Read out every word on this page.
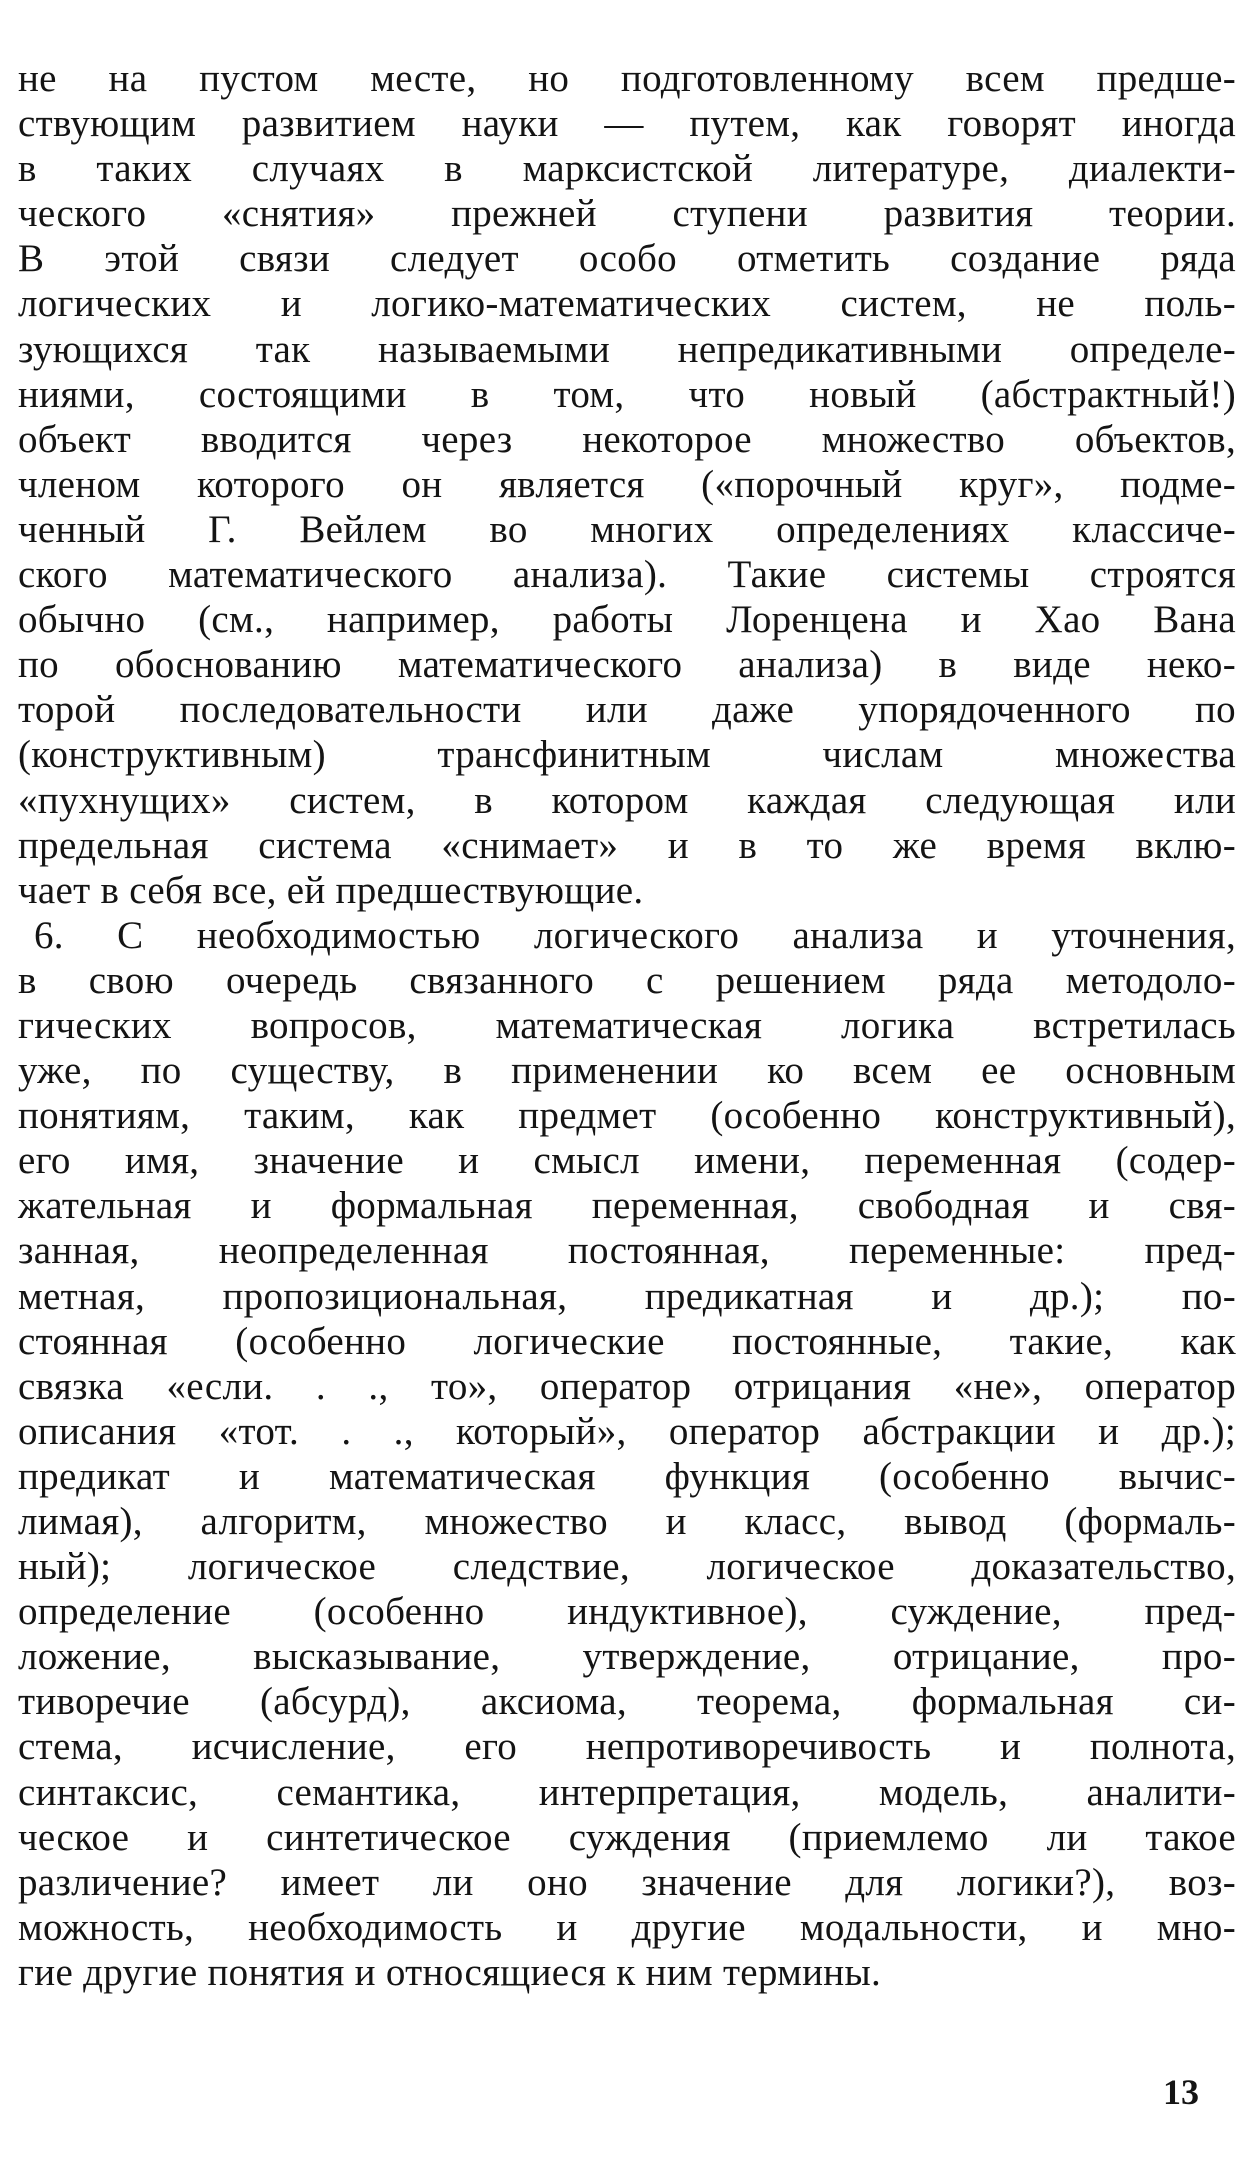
не на пустом месте, но подготовленному всем предше-
ствующим развитием науки — путем, как говорят иногда
в таких случаях в марксистской литературе, диалекти-
ческого «снятия» прежней ступени развития теории.
В этой связи следует особо отметить создание ряда
логических и логико-математических систем, не поль-
зующихся так называемыми непредикативными определе-
ниями, состоящими в том, что новый (абстрактный!)
объект вводится через некоторое множество объектов,
членом которого он является («порочный круг», подме-
ченный Г. Вейлем во многих определениях классиче-
ского математического анализа). Такие системы строятся
обычно (см., например, работы Лоренцена и Хао Вана
по обоснованию математического анализа) в виде неко-
торой последовательности или даже упорядоченного по
(конструктивным) трансфинитным числам множества
«пухнущих» систем, в котором каждая следующая или
предельная система «снимает» и в то же время вклю-
чает в себя все, ей предшествующие.
6. С необходимостью логического анализа и уточнения,
в свою очередь связанного с решением ряда методоло-
гических вопросов, математическая логика встретилась
уже, по существу, в применении ко всем ее основным
понятиям, таким, как предмет (особенно конструктивный),
его имя, значение и смысл имени, переменная (содер-
жательная и формальная переменная, свободная и свя-
занная, неопределенная постоянная, переменные: пред-
метная, пропозициональная, предикатная и др.); по-
стоянная (особенно логические постоянные, такие, как
связка «если. . ., то», оператор отрицания «не», оператор
описания «тот. . ., который», оператор абстракции и др.);
предикат и математическая функция (особенно вычис-
лимая), алгоритм, множество и класс, вывод (формаль-
ный); логическое следствие, логическое доказательство,
определение (особенно индуктивное), суждение, пред-
ложение, высказывание, утверждение, отрицание, про-
тиворечие (абсурд), аксиома, теорема, формальная си-
стема, исчисление, его непротиворечивость и полнота,
синтаксис, семантика, интерпретация, модель, аналити-
ческое и синтетическое суждения (приемлемо ли такое
различение? имеет ли оно значение для логики?), воз-
можность, необходимость и другие модальности, и мно-
гие другие понятия и относящиеся к ним термины.
13
